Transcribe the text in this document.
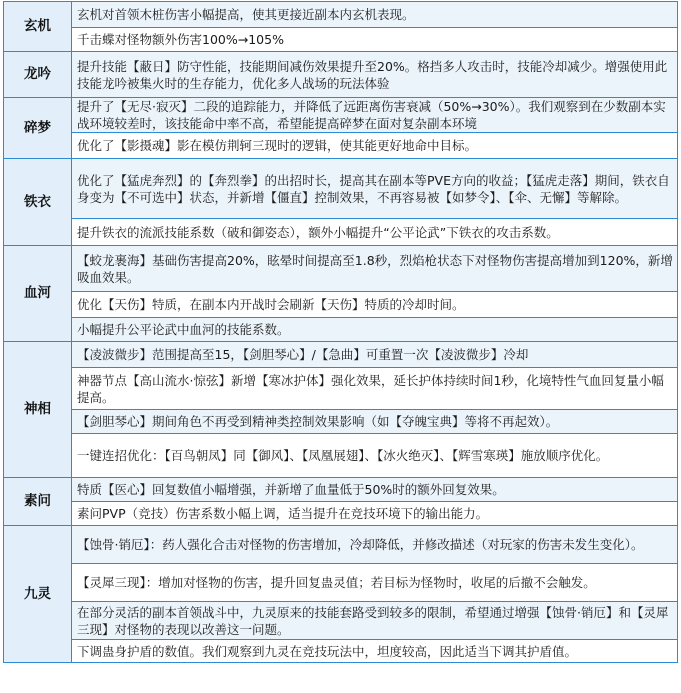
玄机	玄机对首领木桩伤害小幅提高，使其更接近副本内玄机表现。
	千击蝶对怪物额外伤害100%→105%
龙吟	提升技能【蔽日】防守性能，技能期间减伤效果提升至20%。格挡多人攻击时，技能冷却减少。增强使用此技能龙吟被集火时的生存能力，优化多人战场的玩法体验
碎梦	提升了【无尽·寂灭】二段的追踪能力，并降低了远距离伤害衰减（50%→30%）。我们观察到在少数副本实战环境较差时，该技能命中率不高，希望能提高碎梦在面对复杂副本环境
	优化了【影摄魂】影在模仿荆轲三现时的逻辑，使其能更好地命中目标。
铁衣	优化了【猛虎奔烈】的【奔烈拳】的出招时长，提高其在副本等PVE方向的收益；【猛虎走落】期间，铁衣自身变为【不可选中】状态，并新增【僵直】控制效果，不再容易被【如梦令】、【伞、无懈】等解除。
	提升铁衣的流派技能系数（破和御姿态），额外小幅提升“公平论武”下铁衣的攻击系数。
血河	【蛟龙裹海】基础伤害提高20%，眩晕时间提高至1.8秒，烈焰枪状态下对怪物伤害提高增加到120%，新增吸血效果。
	优化【天伤】特质，在副本内开战时会刷新【天伤】特质的冷却时间。
	小幅提升公平论武中血河的技能系数。
神相	【凌波微步】范围提高至15，【剑胆琴心】/【急曲】可重置一次【凌波微步】冷却
	神器节点【高山流水·惊弦】新增【寒冰护体】强化效果，延长护体持续时间1秒，化境特性气血回复量小幅提高。
	【剑胆琴心】期间角色不再受到精神类控制效果影响（如【夺魄宝典】等将不再起效）。
	一键连招优化：【百鸟朝凤】同【御风】、【凤凰展翅】、【冰火绝灭】、【辉雪寒瑛】施放顺序优化。
素问	特质【医心】回复数值小幅增强，并新增了血量低于50%时的额外回复效果。
	素问PVP（竞技）伤害系数小幅上调，适当提升在竞技环境下的输出能力。
九灵	【蚀骨·销厄】：药人强化合击对怪物的伤害增加，冷却降低，并修改描述（对玩家的伤害未发生变化）。
	【灵犀三现】：增加对怪物的伤害，提升回复蛊灵值；若目标为怪物时，收尾的后撤不会触发。
	在部分灵活的副本首领战斗中，九灵原来的技能套路受到较多的限制，希望通过增强【蚀骨·销厄】和【灵犀三现】对怪物的表现以改善这一问题。
	下调蛊身护盾的数值。我们观察到九灵在竞技玩法中，坦度较高，因此适当下调其护盾值。
